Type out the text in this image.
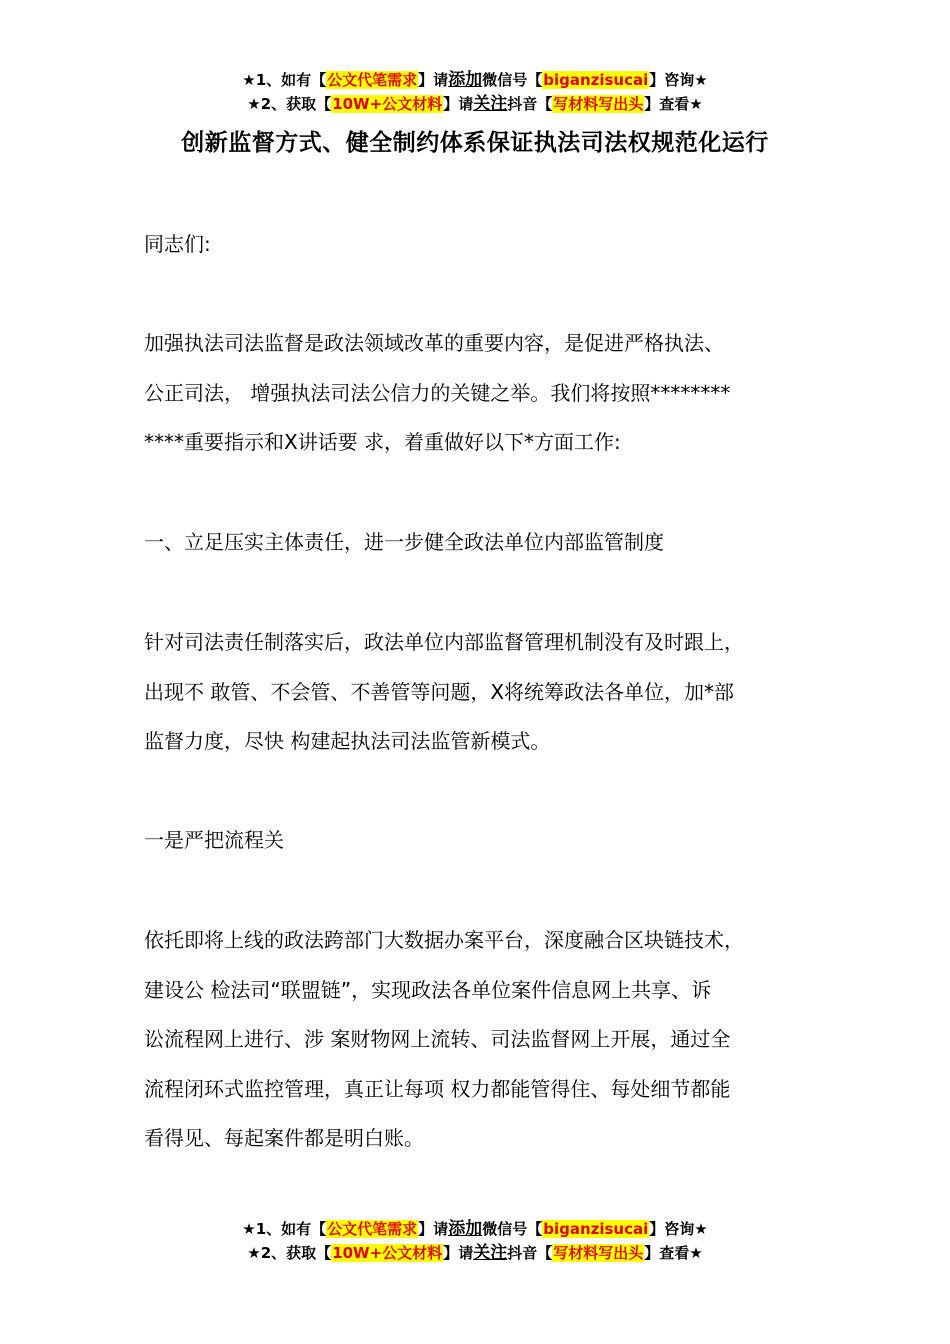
★1、如有【公文代笔需求】请添加微信号【biganzisucai】咨询★
★2、获取【10W+公文材料】请关注抖音【写材料写出头】查看★
创新监督方式、健全制约体系保证执法司法权规范化运行
同志们:
加强执法司法监督是政法领域改革的重要内容，是促进严格执法、
公正司法， 增强执法司法公信力的关键之举。我们将按照********
****重要指示和X讲话要 求，着重做好以下*方面工作:
一、立足压实主体责任，进一步健全政法单位内部监管制度
针对司法责任制落实后，政法单位内部监督管理机制没有及时跟上，
出现不 敢管、不会管、不善管等问题，X将统筹政法各单位，加*部
监督力度，尽快 构建起执法司法监管新模式。
一是严把流程关
依托即将上线的政法跨部门大数据办案平台，深度融合区块链技术，
建设公 检法司“联盟链”，实现政法各单位案件信息网上共享、诉
讼流程网上进行、涉 案财物网上流转、司法监督网上开展，通过全
流程闭环式监控管理，真正让每项 权力都能管得住、每处细节都能
看得见、每起案件都是明白账。
★1、如有【公文代笔需求】请添加微信号【biganzisucai】咨询★
★2、获取【10W+公文材料】请关注抖音【写材料写出头】查看★
